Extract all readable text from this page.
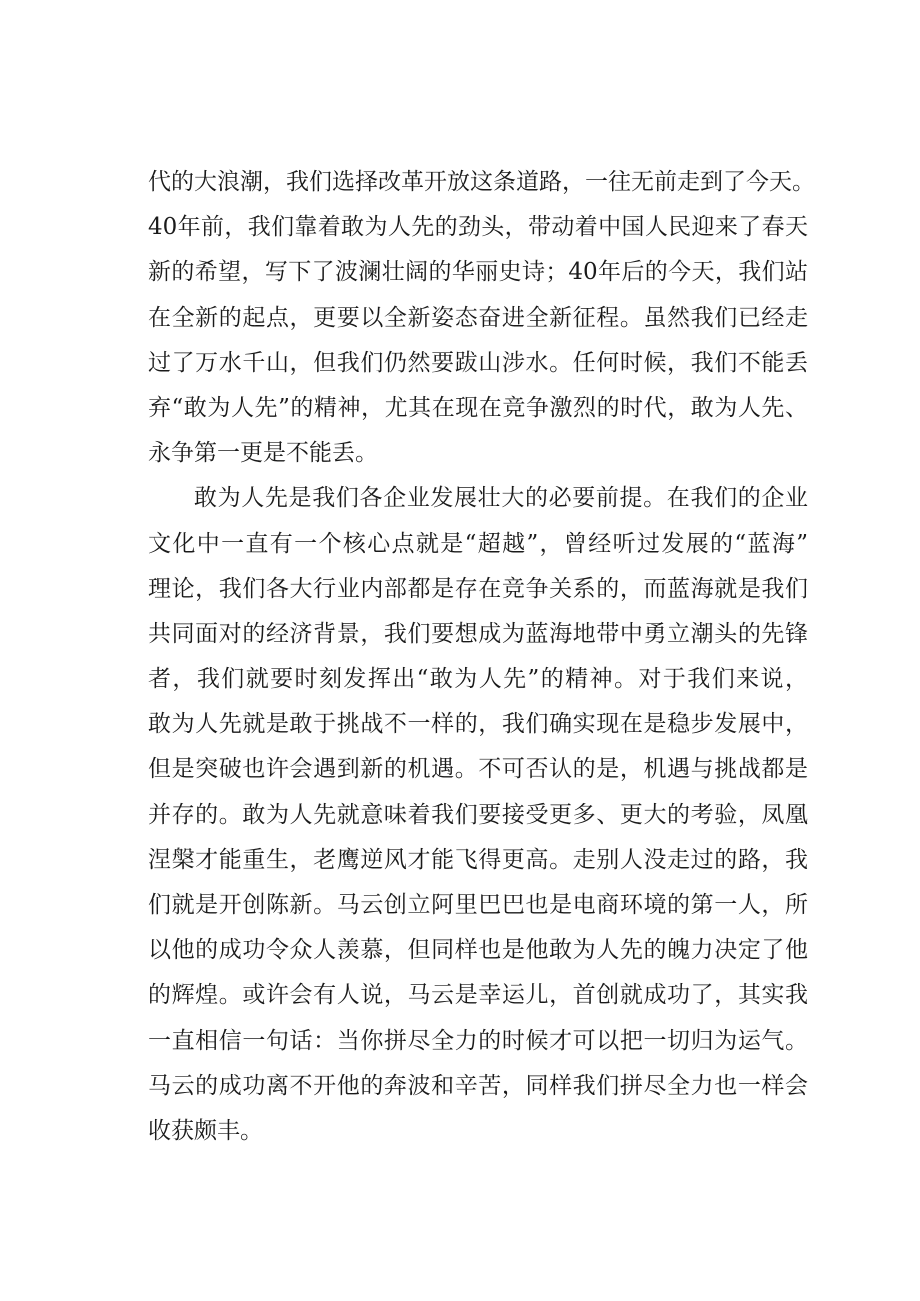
代的大浪潮，我们选择改革开放这条道路，一往无前走到了今天。
40年前，我们靠着敢为人先的劲头，带动着中国人民迎来了春天
新的希望，写下了波澜壮阔的华丽史诗；40年后的今天，我们站
在全新的起点，更要以全新姿态奋进全新征程。虽然我们已经走
过了万水千山，但我们仍然要跋山涉水。任何时候，我们不能丢
弃“敢为人先”的精神，尤其在现在竞争激烈的时代，敢为人先、
永争第一更是不能丢。
敢为人先是我们各企业发展壮大的必要前提。在我们的企业
文化中一直有一个核心点就是“超越”，曾经听过发展的“蓝海”
理论，我们各大行业内部都是存在竞争关系的，而蓝海就是我们
共同面对的经济背景，我们要想成为蓝海地带中勇立潮头的先锋
者，我们就要时刻发挥出“敢为人先”的精神。对于我们来说，
敢为人先就是敢于挑战不一样的，我们确实现在是稳步发展中，
但是突破也许会遇到新的机遇。不可否认的是，机遇与挑战都是
并存的。敢为人先就意味着我们要接受更多、更大的考验，凤凰
涅槃才能重生，老鹰逆风才能飞得更高。走别人没走过的路，我
们就是开创陈新。马云创立阿里巴巴也是电商环境的第一人，所
以他的成功令众人羡慕，但同样也是他敢为人先的魄力决定了他
的辉煌。或许会有人说，马云是幸运儿，首创就成功了，其实我
一直相信一句话：当你拼尽全力的时候才可以把一切归为运气。
马云的成功离不开他的奔波和辛苦，同样我们拼尽全力也一样会
收获颇丰。
